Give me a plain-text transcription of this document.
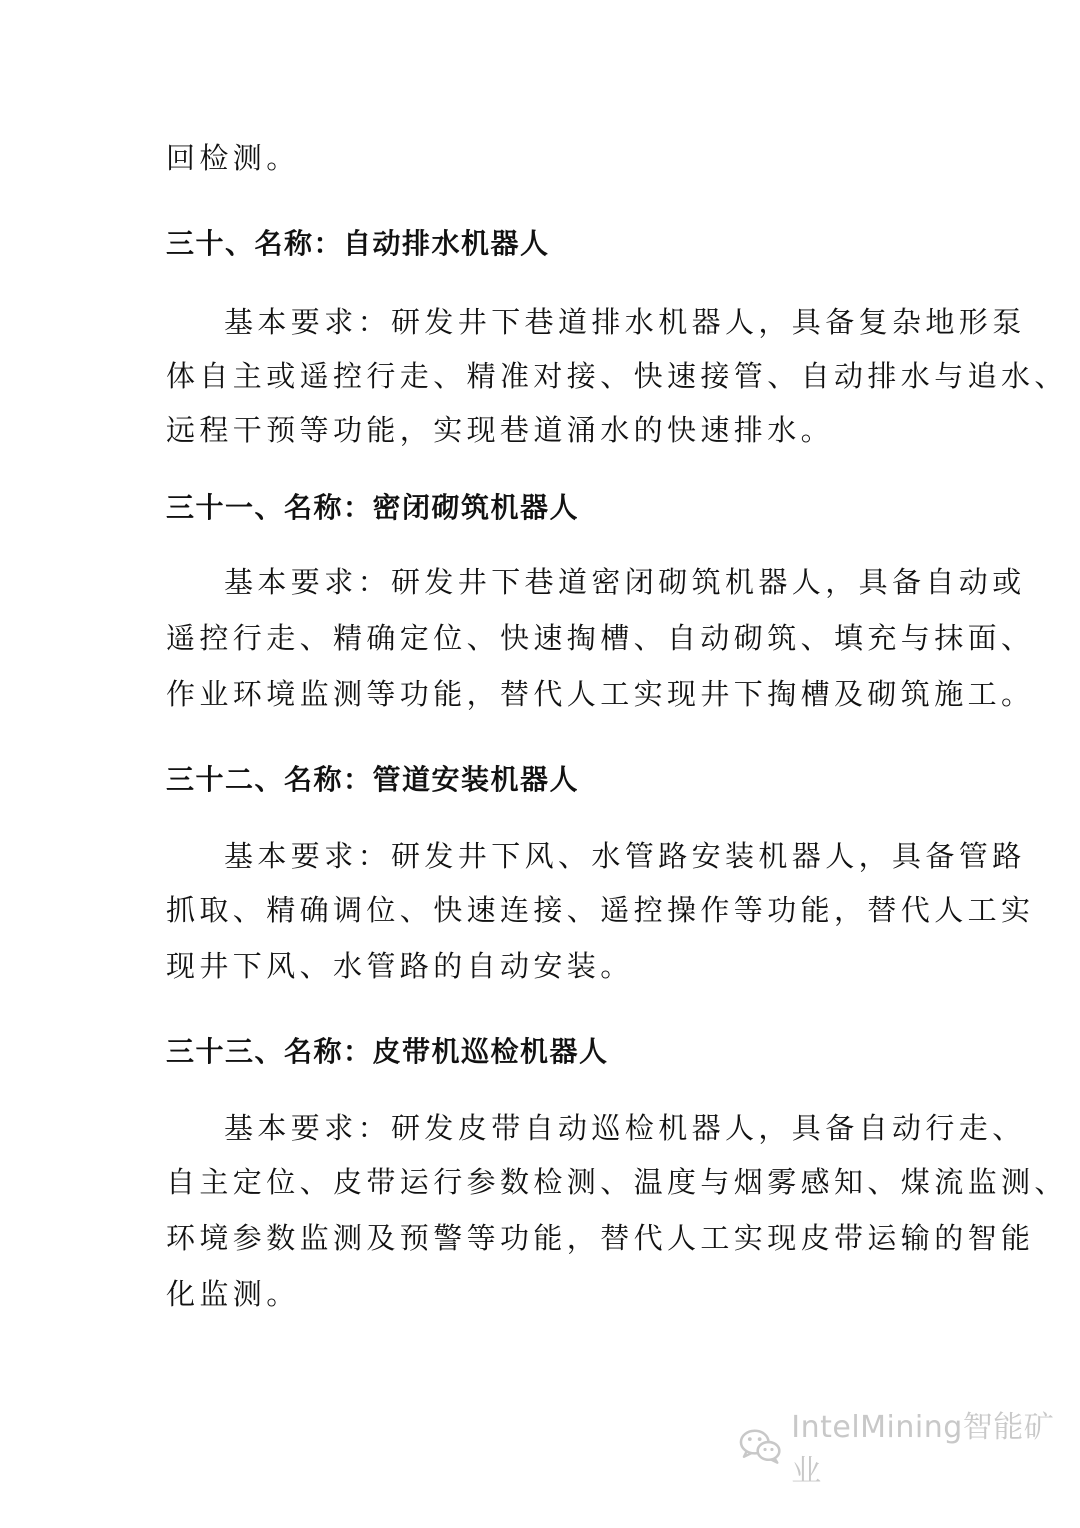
回检测。
三十、名称：自动排水机器人
基本要求：研发井下巷道排水机器人，具备复杂地形泵
体自主或遥控行走、精准对接、快速接管、自动排水与追水、
远程干预等功能，实现巷道涌水的快速排水。
三十一、名称：密闭砌筑机器人
基本要求：研发井下巷道密闭砌筑机器人，具备自动或
遥控行走、精确定位、快速掏槽、自动砌筑、填充与抹面、
作业环境监测等功能，替代人工实现井下掏槽及砌筑施工。
三十二、名称：管道安装机器人
基本要求：研发井下风、水管路安装机器人，具备管路
抓取、精确调位、快速连接、遥控操作等功能，替代人工实
现井下风、水管路的自动安装。
三十三、名称：皮带机巡检机器人
基本要求：研发皮带自动巡检机器人，具备自动行走、
自主定位、皮带运行参数检测、温度与烟雾感知、煤流监测、
环境参数监测及预警等功能，替代人工实现皮带运输的智能
化监测。
IntelMining智能矿业
